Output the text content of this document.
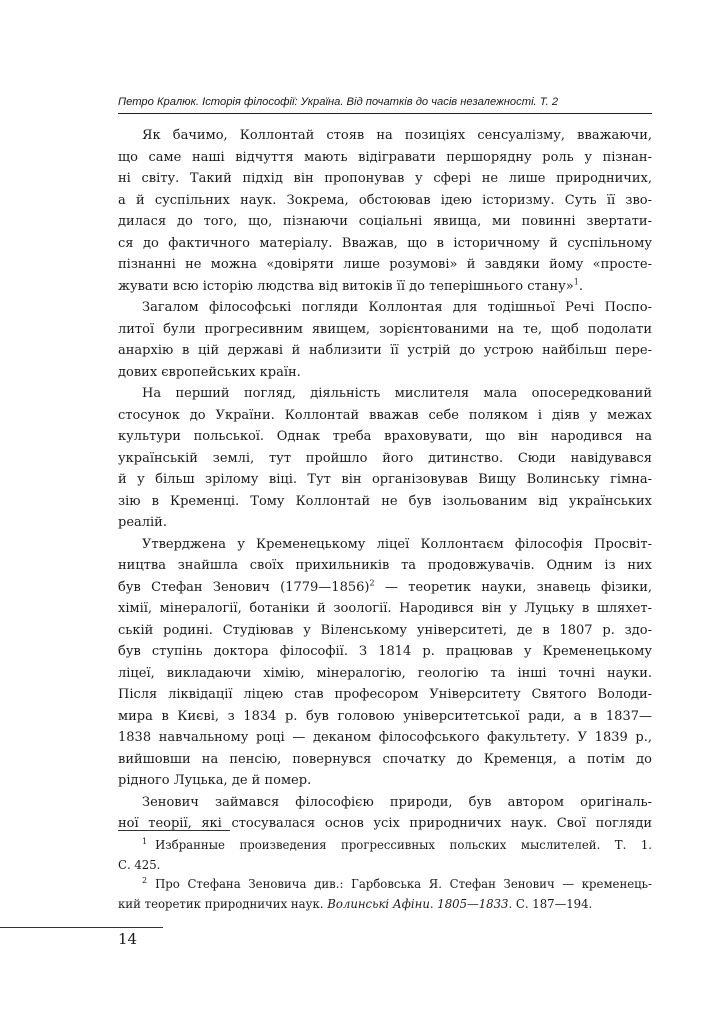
Петро Кралюк. Історія філософії: Україна. Від початків до часів незалежності. Т. 2
Як бачимо, Коллонтай стояв на позиціях сенсуалізму, вважаючи,
що саме наші відчуття мають відігравати першорядну роль у пізнан-
ні світу. Такий підхід він пропонував у сфері не лише природничих,
а й суспільних наук. Зокрема, обстоював ідею історизму. Суть її зво-
дилася до того, що, пізнаючи соціальні явища, ми повинні звертати-
ся до фактичного матеріалу. Вважав, що в історичному й суспільному
пізнанні не можна «довіряти лише розумові» й завдяки йому «просте-
жувати всю історію людства від витоків її до теперішнього стану»$^1$.
Загалом філософські погляди Коллонтая для тодішньої Речі Поспо-
литої були прогресивним явищем, зорієнтованими на те, щоб подолати
анархію в цій державі й наблизити її устрій до устрою найбільш пере-
дових європейських країн.
На перший погляд, діяльність мислителя мала опосередкований
стосунок до України. Коллонтай вважав себе поляком і діяв у межах
культури польської. Однак треба враховувати, що він народився на
українській землі, тут пройшло його дитинство. Сюди навідувався
й у більш зрілому віці. Тут він організовував Вищу Волинську гімна-
зію в Кременці. Тому Коллонтай не був ізольованим від українських
реалій.
Утверджена у Кременецькому ліцеї Коллонтаєм філософія Просвіт-
ництва знайшла своїх прихильників та продовжувачів. Одним із них
був Стефан Зенович (1779—1856)$^2$ — теоретик науки, знавець фізики,
хімії, мінералогії, ботаніки й зоології. Народився він у Луцьку в шляхет-
ській родині. Студіював у Віленському університеті, де в 1807 р. здо-
був ступінь доктора філософії. З 1814 р. працював у Кременецькому
ліцеї, викладаючи хімію, мінералогію, геологію та інші точні науки.
Після ліквідації ліцею став професором Університету Святого Володи-
мира в Києві, з 1834 р. був головою університетської ради, а в 1837—
1838 навчальному році — деканом філософського факультету. У 1839 р.,
вийшовши на пенсію, повернувся спочатку до Кременця, а потім до
рідного Луцька, де й помер.
Зенович займався філософією природи, був автором оригіналь-
ної теорії, які стосувалася основ усіх природничих наук. Свої погляди
$^1$ Избранные произведения прогрессивных польских мыслителей. Т. 1.
С. 425.
$^2$ Про Стефана Зеновича див.: Гарбовська Я. Стефан Зенович — кременець-
кий теоретик природничих наук. Волинські Афіни. 1805—1833. С. 187—194.
14
